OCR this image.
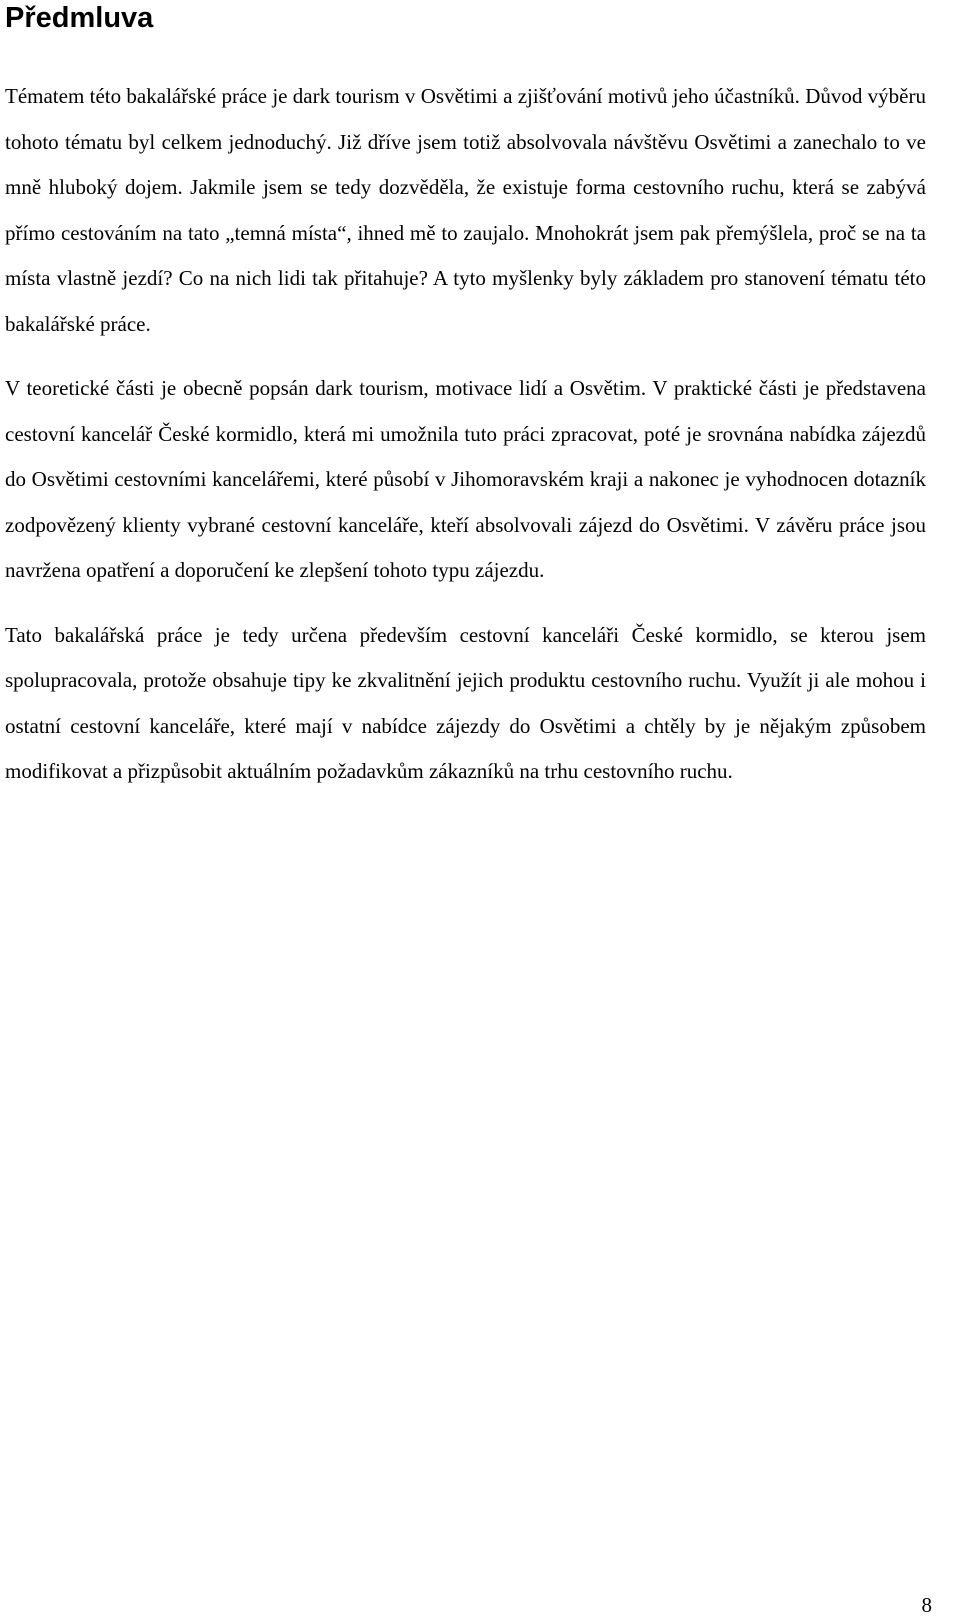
Předmluva

Tématem této bakalářské práce je dark tourism v Osvětimi a zjišťování motivů jeho účastníků. Důvod výběru tohoto tématu byl celkem jednoduchý. Již dříve jsem totiž absolvovala návštěvu Osvětimi a zanechalo to ve mně hluboký dojem. Jakmile jsem se tedy dozvěděla, že existuje forma cestovního ruchu, která se zabývá přímo cestováním na tato „temná místa“, ihned mě to zaujalo. Mnohokrát jsem pak přemýšlela, proč se na ta místa vlastně jezdí? Co na nich lidi tak přitahuje? A tyto myšlenky byly základem pro stanovení tématu této bakalářské práce.

V teoretické části je obecně popsán dark tourism, motivace lidí a Osvětim. V praktické části je představena cestovní kancelář České kormidlo, která mi umožnila tuto práci zpracovat, poté je srovnána nabídka zájezdů do Osvětimi cestovními kancelářemi, které působí v Jihomoravském kraji a nakonec je vyhodnocen dotazník zodpovězený klienty vybrané cestovní kanceláře, kteří absolvovali zájezd do Osvětimi. V závěru práce jsou navržena opatření a doporučení ke zlepšení tohoto typu zájezdu.

Tato bakalářská práce je tedy určena především cestovní kanceláři České kormidlo, se kterou jsem spolupracovala, protože obsahuje tipy ke zkvalitnění jejich produktu cestovního ruchu. Využít ji ale mohou i ostatní cestovní kanceláře, které mají v nabídce zájezdy do Osvětimi a chtěly by je nějakým způsobem modifikovat a přizpůsobit aktuálním požadavkům zákazníků na trhu cestovního ruchu.

8
